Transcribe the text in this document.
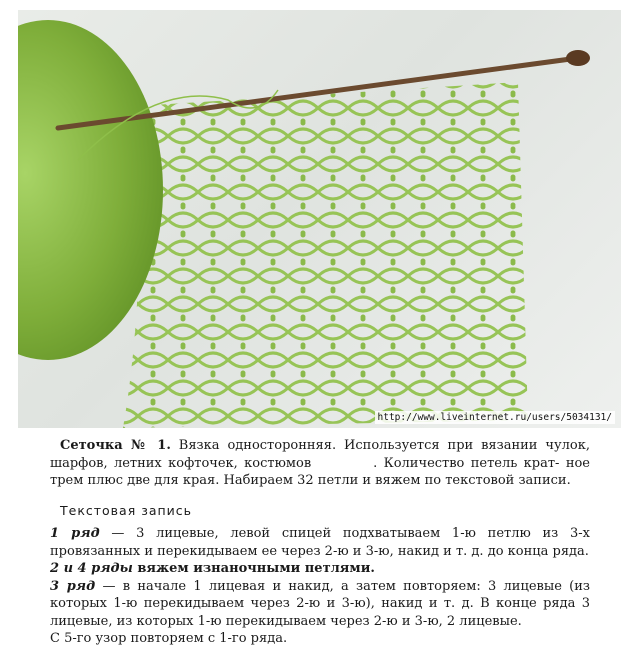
http://www.liveinternet.ru/users/5034131/

Сеточка № 1. Вязка односторонняя. Используется при вязании чулок, шарфов, летних кофточек, костюмов	. Количество петель крат- ное трем плюс две для края. Набираем 32 петли и вяжем по текстовой записи.

Текстовая запись

1 ряд — 3 лицевые, левой спицей подхватываем 1-ю петлю из 3-х провязанных и перекидываем ее через 2-ю и 3-ю, накид и т. д. до конца ряда.

2 и 4 ряды вяжем изнаночными петлями.

3 ряд — в начале 1 лицевая и накид, а затем повторяем: 3 лицевые (из которых 1-ю перекидываем через 2-ю и 3-ю), накид и т. д. В конце ряда 3 лицевые, из которых 1-ю перекидываем через 2-ю и 3-ю, 2 лицевые.

С 5-го узор повторяем с 1-го ряда.
